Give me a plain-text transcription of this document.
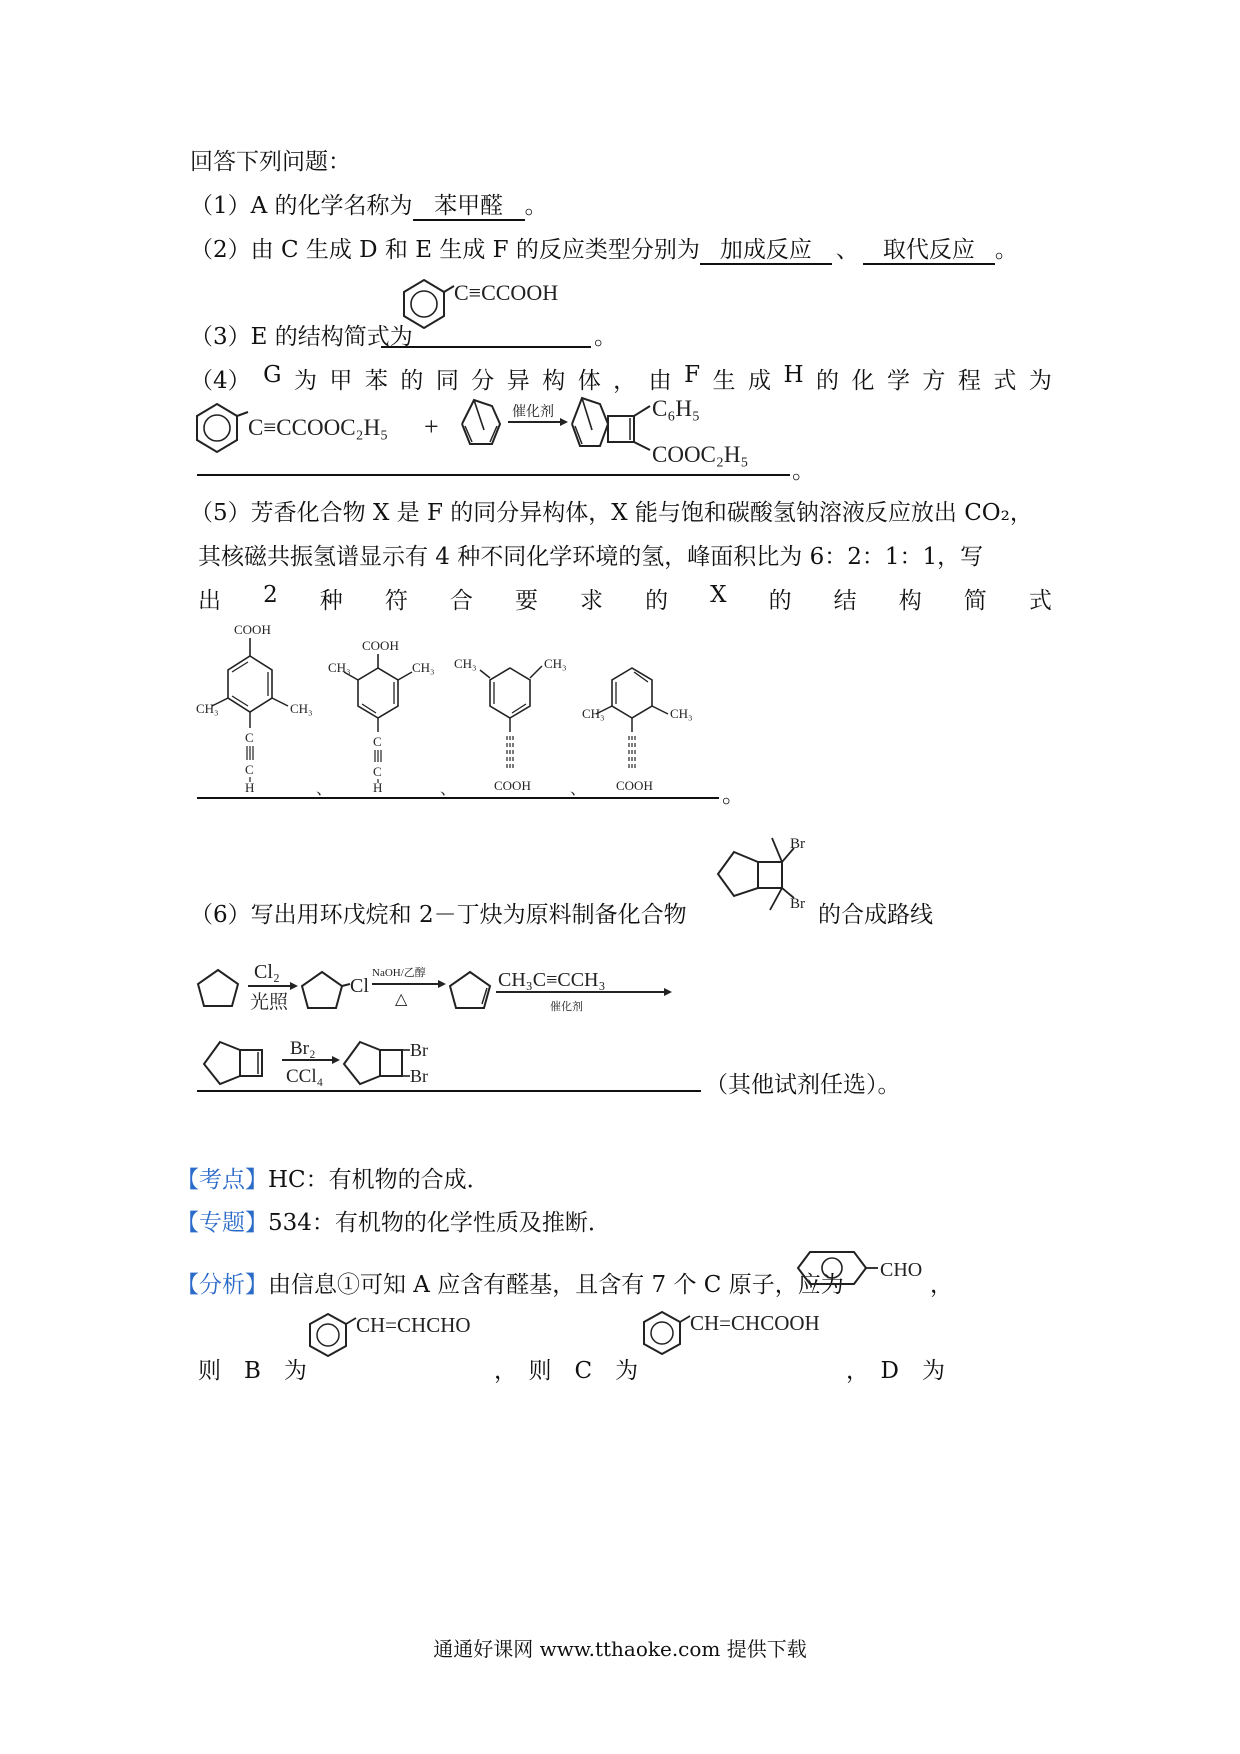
回答下列问题：
（1）A 的化学名称为 苯甲醛 。
（2）由 C 生成 D 和 E 生成 F 的反应类型分别为 加成反应 、 取代反应 。
（3）E 的结构简式为	。
C≡CCOOH
（4） G 为 甲 苯 的 同 分 异 构 体 ， 由 F 生 成 H 的 化 学 方 程 式 为
C≡CCOOC₂H₅ +	催化剂	C₆H₅
COOC₂H₅
。
（5）芳香化合物 X 是 F 的同分异构体，X 能与饱和碳酸氢钠溶液反应放出 CO₂，
其核磁共振氢谱显示有 4 种不同化学环境的氢，峰面积比为 6：2：1：1，写
出 2 种 符 合 要 求 的 X 的 结 构 简 式
COOH
CH₃	CH₃
C
C
H
COOH
CH₃	CH₃
C
C
H
CH₃	CH₃
COOH
CH₃	CH₃
COOH
、	、	、	。
（6）写出用环戊烷和 2－丁炔为原料制备化合物
Br
Br 的合成路线
Cl₂
光照
Cl
NaOH/乙醇
△
CH₃C≡CCH₃
催化剂
Br₂
CCl₄
Br
Br	（其他试剂任选）。
【考点】HC：有机物的合成．
【专题】534：有机物的化学性质及推断．
【分析】由信息①可知 A 应含有醛基，且含有 7 个 C 原子，应为
CHO
，
CH=CHCHO	CH=CHCOOH
则　B　为	，　则　C　为	，　D　为
通通好课网 www.tthaoke.com 提供下载
